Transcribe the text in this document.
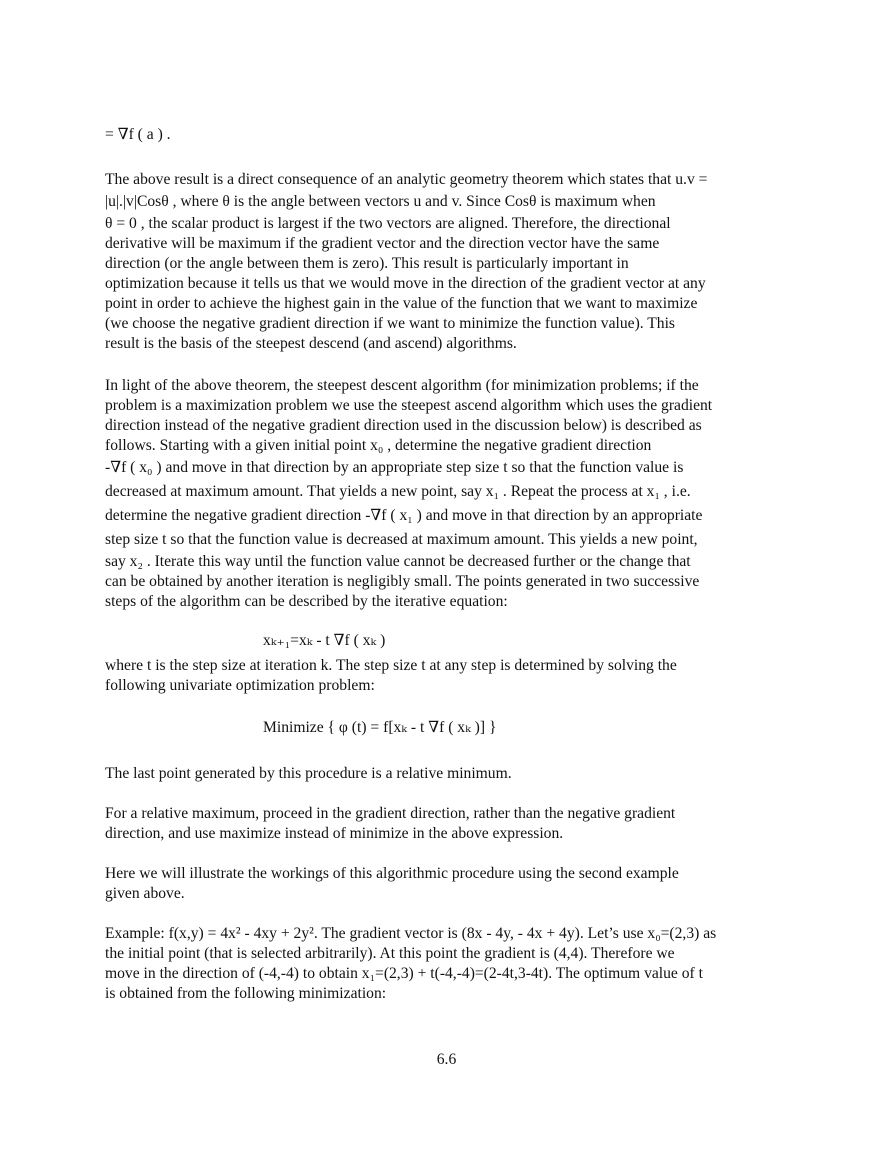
= ∇f ( a ) .

The above result is a direct consequence of an analytic geometry theorem which states that u.v =
|u|.|v|Cosθ , where θ is the angle between vectors u and v. Since Cosθ is maximum when
θ = 0 , the scalar product is largest if the two vectors are aligned. Therefore, the directional
derivative will be maximum if the gradient vector and the direction vector have the same
direction (or the angle between them is zero). This result is particularly important in
optimization because it tells us that we would move in the direction of the gradient vector at any
point in order to achieve the highest gain in the value of the function that we want to maximize
(we choose the negative gradient direction if we want to minimize the function value). This
result is the basis of the steepest descend (and ascend) algorithms.

In light of the above theorem, the steepest descent algorithm (for minimization problems; if the
problem is a maximization problem we use the steepest ascend algorithm which uses the gradient
direction instead of the negative gradient direction used in the discussion below) is described as
follows. Starting with a given initial point x₀ , determine the negative gradient direction
-∇f ( x₀ ) and move in that direction by an appropriate step size t so that the function value is
decreased at maximum amount. That yields a new point, say x₁ . Repeat the process at x₁ , i.e.
determine the negative gradient direction -∇f ( x₁ ) and move in that direction by an appropriate
step size t so that the function value is decreased at maximum amount. This yields a new point,
say x₂ . Iterate this way until the function value cannot be decreased further or the change that
can be obtained by another iteration is negligibly small. The points generated in two successive
steps of the algorithm can be described by the iterative equation:

xₖ₊₁=xₖ - t ∇f ( xₖ )

where t is the step size at iteration k. The step size t at any step is determined by solving the
following univariate optimization problem:

Minimize { φ (t) = f[xₖ - t ∇f ( xₖ )] }

The last point generated by this procedure is a relative minimum.

For a relative maximum, proceed in the gradient direction, rather than the negative gradient
direction, and use maximize instead of minimize in the above expression.

Here we will illustrate the workings of this algorithmic procedure using the second example
given above.

Example: f(x,y) = 4x² - 4xy + 2y². The gradient vector is (8x - 4y, - 4x + 4y). Let’s use x₀=(2,3) as
the initial point (that is selected arbitrarily). At this point the gradient is (4,4). Therefore we
move in the direction of (-4,-4) to obtain x₁=(2,3) + t(-4,-4)=(2-4t,3-4t). The optimum value of t
is obtained from the following minimization:

6.6
